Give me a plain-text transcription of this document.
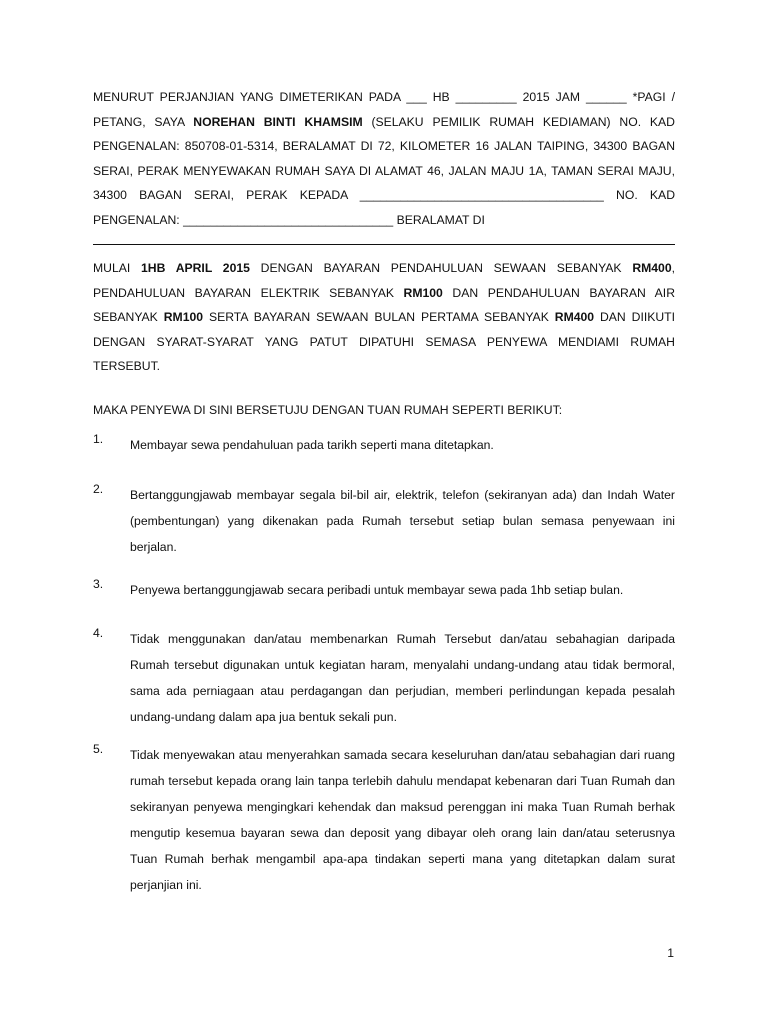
MENURUT PERJANJIAN YANG DIMETERIKAN PADA ___ HB _________ 2015 JAM ______ *PAGI / PETANG, SAYA NOREHAN BINTI KHAMSIM (SELAKU PEMILIK RUMAH KEDIAMAN) NO. KAD PENGENALAN: 850708-01-5314, BERALAMAT DI 72, KILOMETER 16 JALAN TAIPING, 34300 BAGAN SERAI, PERAK MENYEWAKAN RUMAH SAYA DI ALAMAT 46, JALAN MAJU 1A, TAMAN SERAI MAJU, 34300 BAGAN SERAI, PERAK KEPADA ____________________________________ NO. KAD PENGENALAN: _______________________________ BERALAMAT DI

MULAI 1HB APRIL 2015 DENGAN BAYARAN PENDAHULUAN SEWAAN SEBANYAK RM400, PENDAHULUAN BAYARAN ELEKTRIK SEBANYAK RM100 DAN PENDAHULUAN BAYARAN AIR SEBANYAK RM100 SERTA BAYARAN SEWAAN BULAN PERTAMA SEBANYAK RM400 DAN DIIKUTI DENGAN SYARAT-SYARAT YANG PATUT DIPATUHI SEMASA PENYEWA MENDIAMI RUMAH TERSEBUT.

MAKA PENYEWA DI SINI BERSETUJU DENGAN TUAN RUMAH SEPERTI BERIKUT:

1. Membayar sewa pendahuluan pada tarikh seperti mana ditetapkan.
2. Bertanggungjawab membayar segala bil-bil air, elektrik, telefon (sekiranyan ada) dan Indah Water (pembentungan) yang dikenakan pada Rumah tersebut setiap bulan semasa penyewaan ini berjalan.
3. Penyewa bertanggungjawab secara peribadi untuk membayar sewa pada 1hb setiap bulan.
4. Tidak menggunakan dan/atau membenarkan Rumah Tersebut dan/atau sebahagian daripada Rumah tersebut digunakan untuk kegiatan haram, menyalahi undang-undang atau tidak bermoral, sama ada perniagaan atau perdagangan dan perjudian, memberi perlindungan kepada pesalah undang-undang dalam apa jua bentuk sekali pun.
5. Tidak menyewakan atau menyerahkan samada secara keseluruhan dan/atau sebahagian dari ruang rumah tersebut kepada orang lain tanpa terlebih dahulu mendapat kebenaran dari Tuan Rumah dan sekiranyan penyewa mengingkari kehendak dan maksud perenggan ini maka Tuan Rumah berhak mengutip kesemua bayaran sewa dan deposit yang dibayar oleh orang lain dan/atau seterusnya Tuan Rumah berhak mengambil apa-apa tindakan seperti mana yang ditetapkan dalam surat perjanjian ini.
1
